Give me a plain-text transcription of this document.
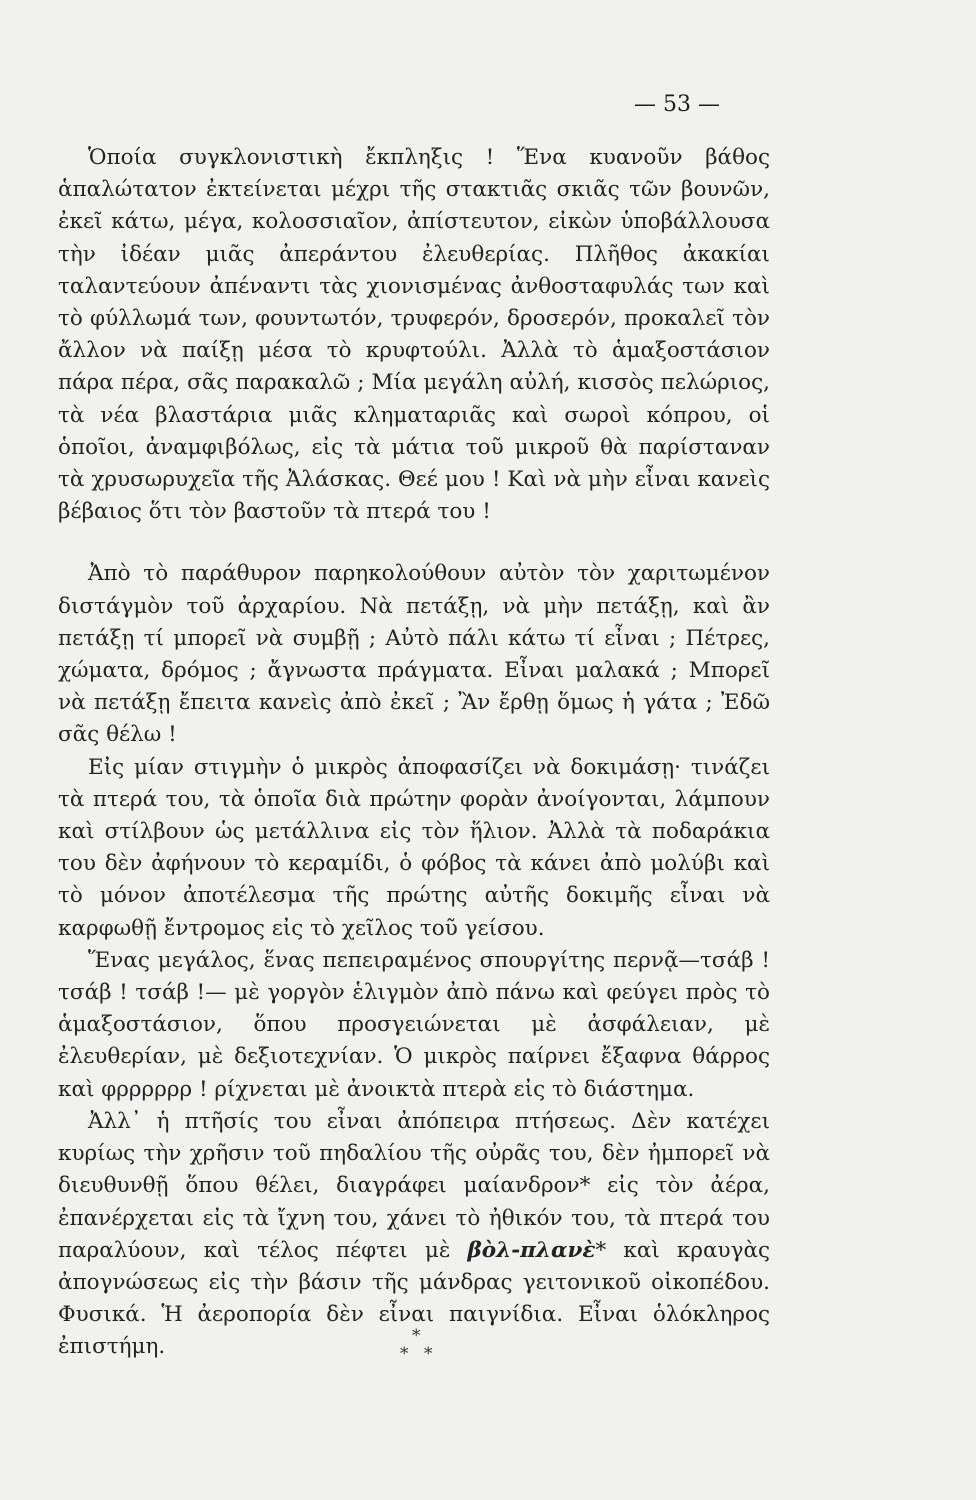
— 53 —

Ὁποία συγκλονιστικὴ ἔκπληξις ! Ἕνα κυανοῦν βάθος ἁπαλώτατον ἐκτείνεται μέχρι τῆς στακτιᾶς σκιᾶς τῶν βουνῶν, ἐκεῖ κάτω, μέγα, κολοσσιαῖον, ἀπίστευτον, εἰκὼν ὑποβάλλουσα τὴν ἰδέαν μιᾶς ἀπεράντου ἐλευθερίας. Πλῆθος ἀκακίαι ταλαντεύουν ἀπέναντι τὰς χιονισμένας ἀνθοσταφυλάς των καὶ τὸ φύλλωμά των, φουντωτόν, τρυφερόν, δροσερόν, προκαλεῖ τὸν ἄλλον νὰ παίξῃ μέσα τὸ κρυφτούλι. Ἀλλὰ τὸ ἁμαξοστάσιον πάρα πέρα, σᾶς παρακαλῶ ; Μία μεγάλη αὐλή, κισσὸς πελώριος, τὰ νέα βλαστάρια μιᾶς κληματαριᾶς καὶ σωροὶ κόπρου, οἱ ὁποῖοι, ἀναμφιβόλως, εἰς τὰ μάτια τοῦ μικροῦ θὰ παρίσταναν τὰ χρυσωρυχεῖα τῆς Ἀλάσκας. Θεέ μου ! Καὶ νὰ μὴν εἶναι κανεὶς βέβαιος ὅτι τὸν βαστοῦν τὰ πτερά του !

Ἀπὸ τὸ παράθυρον παρηκολούθουν αὐτὸν τὸν χαριτωμένον διστάγμὸν τοῦ ἀρχαρίου. Νὰ πετάξῃ, νὰ μὴν πετάξῃ, καὶ ἂν πετάξῃ τί μπορεῖ νὰ συμβῇ ; Αὐτὸ πάλι κάτω τί εἶναι ; Πέτρες, χώματα, δρόμος ; ἄγνωστα πράγματα. Εἶναι μαλακά ; Μπορεῖ νὰ πετάξῃ ἔπειτα κανεὶς ἀπὸ ἐκεῖ ; Ἂν ἔρθῃ ὅμως ἡ γάτα ; Ἐδῶ σᾶς θέλω !

Εἰς μίαν στιγμὴν ὁ μικρὸς ἀποφασίζει νὰ δοκιμάσῃ· τινάζει τὰ πτερά του, τὰ ὁποῖα διὰ πρώτην φορὰν ἀνοίγονται, λάμπουν καὶ στίλβουν ὡς μετάλλινα εἰς τὸν ἥλιον. Ἀλλὰ τὰ ποδαράκια του δὲν ἀφήνουν τὸ κεραμίδι, ὁ φόβος τὰ κάνει ἀπὸ μολύβι καὶ τὸ μόνον ἀποτέλεσμα τῆς πρώτης αὐτῆς δοκιμῆς εἶναι νὰ καρφωθῇ ἔντρομος εἰς τὸ χεῖλος τοῦ γείσου.

Ἕνας μεγάλος, ἕνας πεπειραμένος σπουργίτης περνᾷ—τσάβ ! τσάβ ! τσάβ !— μὲ γοργὸν ἑλιγμὸν ἀπὸ πάνω καὶ φεύγει πρὸς τὸ ἁμαξοστάσιον, ὅπου προσγειώνεται μὲ ἀσφάλειαν, μὲ ἐλευθερίαν, μὲ δεξιοτεχνίαν. Ὁ μικρὸς παίρνει ἔξαφνα θάρρος καὶ φρρρρρρ ! ρίχνεται μὲ ἀνοικτὰ πτερὰ εἰς τὸ διάστημα.

Ἀλλ᾽ ἡ πτῆσίς του εἶναι ἀπόπειρα πτήσεως. Δὲν κατέχει κυρίως τὴν χρῆσιν τοῦ πηδαλίου τῆς οὐρᾶς του, δὲν ἠμπορεῖ νὰ διευθυνθῇ ὅπου θέλει, διαγράφει μαίανδρον* εἰς τὸν ἀέρα, ἐπανέρχεται εἰς τὰ ἴχνη του, χάνει τὸ ἠθικόν του, τὰ πτερά του παραλύουν, καὶ τέλος πέφτει μὲ βὸλ-πλανὲ* καὶ κραυγὰς ἀπογνώσεως εἰς τὴν βάσιν τῆς μάνδρας γειτονικοῦ οἰκοπέδου. Φυσικά. Ἡ ἀεροπορία δὲν εἶναι παιγνίδια. Εἶναι ὁλόκληρος ἐπιστήμη.	*
* *
